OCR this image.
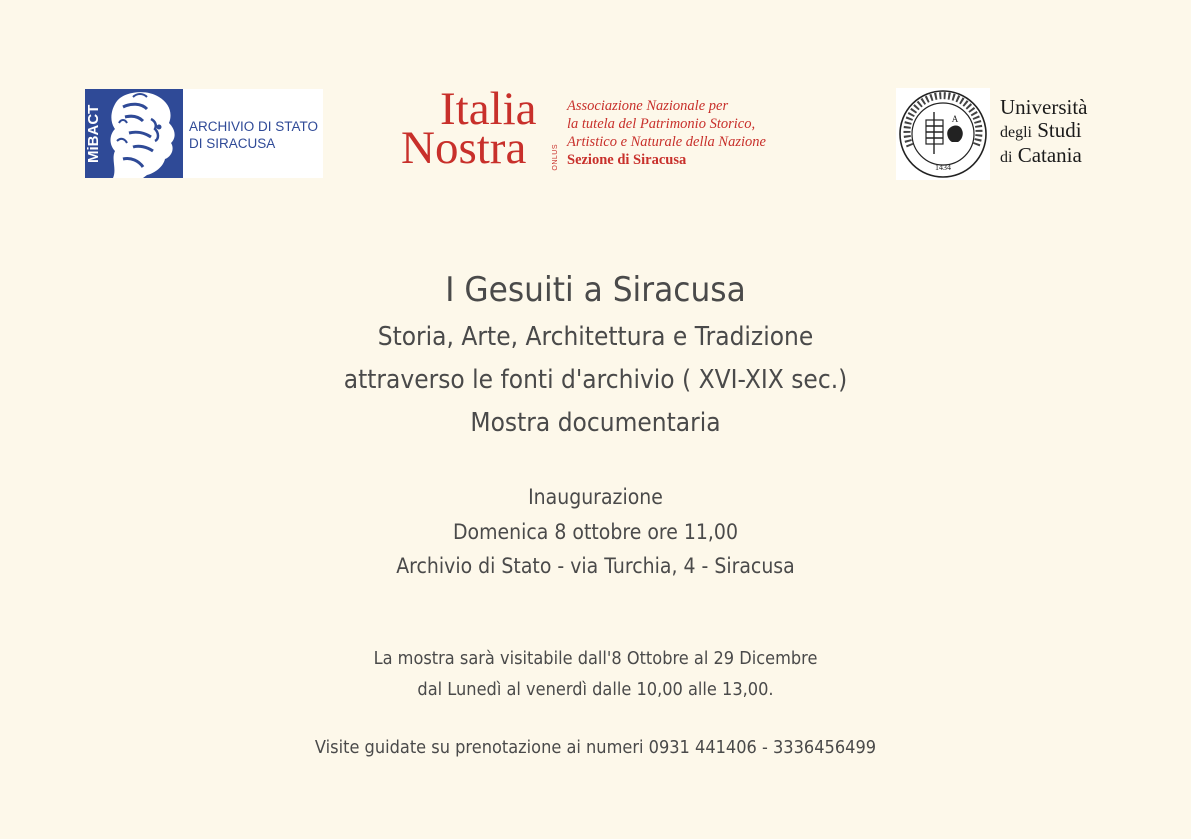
MiBACT	ARCHIVIO DI STATO
DI SIRACUSA
Italia
Nostra	ONLUS
Associazione Nazionale per
la tutela del Patrimonio Storico,
Artistico e Naturale della Nazione
Sezione di Siracusa	1434
A Università
degli Studi
di Catania
I Gesuiti a Siracusa
Storia, Arte, Architettura e Tradizione
attraverso le fonti d'archivio ( XVI-XIX sec.)
Mostra documentaria
Inaugurazione
Domenica 8 ottobre ore 11,00
Archivio di Stato - via Turchia, 4 - Siracusa
La mostra sarà visitabile dall'8 Ottobre al 29 Dicembre
dal Lunedì al venerdì dalle 10,00 alle 13,00.
Visite guidate su prenotazione ai numeri 0931 441406 - 3336456499
